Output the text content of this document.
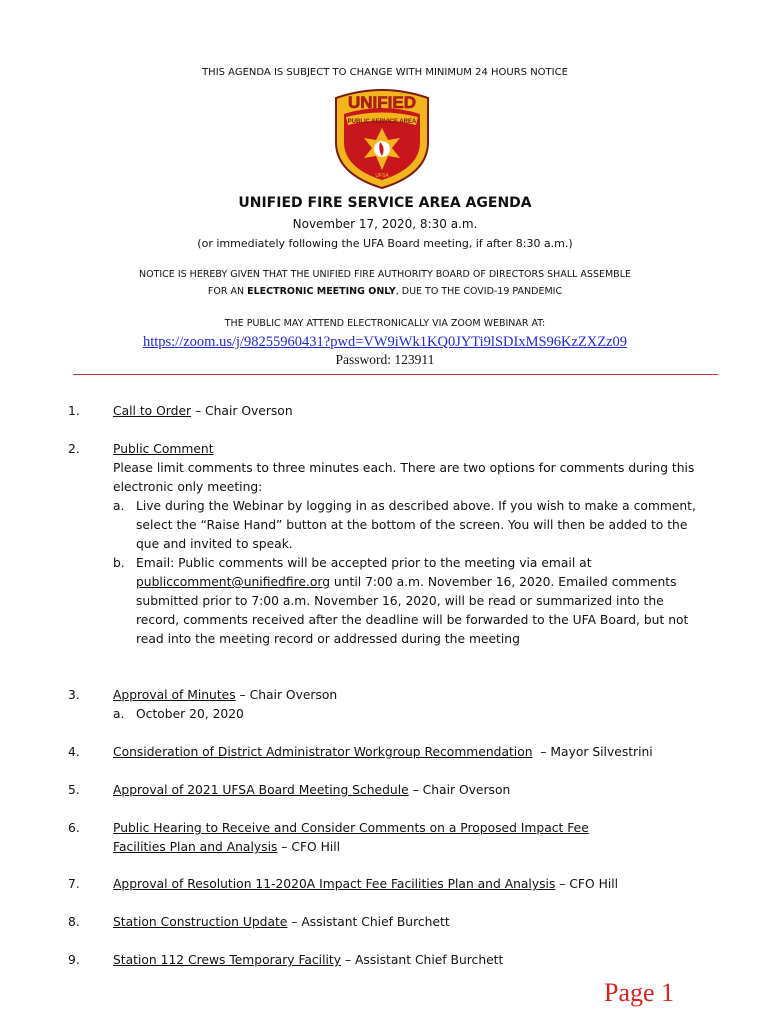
THIS AGENDA IS SUBJECT TO CHANGE WITH MINIMUM 24 HOURS NOTICE
UNIFIED
PUBLIC SERVICE AREA
UFSA
UNIFIED FIRE SERVICE AREA AGENDA
November 17, 2020, 8:30 a.m.
(or immediately following the UFA Board meeting, if after 8:30 a.m.)
NOTICE IS HEREBY GIVEN THAT THE UNIFIED FIRE AUTHORITY BOARD OF DIRECTORS SHALL ASSEMBLE
FOR AN ELECTRONIC MEETING ONLY, DUE TO THE COVID-19 PANDEMIC
THE PUBLIC MAY ATTEND ELECTRONICALLY VIA ZOOM WEBINAR AT:
https://zoom.us/j/98255960431?pwd=VW9iWk1KQ0JYTi9lSDIxMS96KzZXZz09
Password: 123911
1.	Call to Order – Chair Overson
2.	Public Comment
Please limit comments to three minutes each. There are two options for comments during this electronic only meeting:
a. Live during the Webinar by logging in as described above. If you wish to make a comment, select the “Raise Hand” button at the bottom of the screen. You will then be added to the que and invited to speak.
b. Email: Public comments will be accepted prior to the meeting via email at publiccomment@unifiedfire.org until 7:00 a.m. November 16, 2020. Emailed comments submitted prior to 7:00 a.m. November 16, 2020, will be read or summarized into the record, comments received after the deadline will be forwarded to the UFA Board, but not read into the meeting record or addressed during the meeting
3.	Approval of Minutes – Chair Overson
a. October 20, 2020
4.	Consideration of District Administrator Workgroup Recommendation  – Mayor Silvestrini
5.	Approval of 2021 UFSA Board Meeting Schedule – Chair Overson
6.	Public Hearing to Receive and Consider Comments on a Proposed Impact Fee
Facilities Plan and Analysis – CFO Hill
7.	Approval of Resolution 11-2020A Impact Fee Facilities Plan and Analysis – CFO Hill
8.	Station Construction Update – Assistant Chief Burchett
9.	Station 112 Crews Temporary Facility – Assistant Chief Burchett
Page 1
